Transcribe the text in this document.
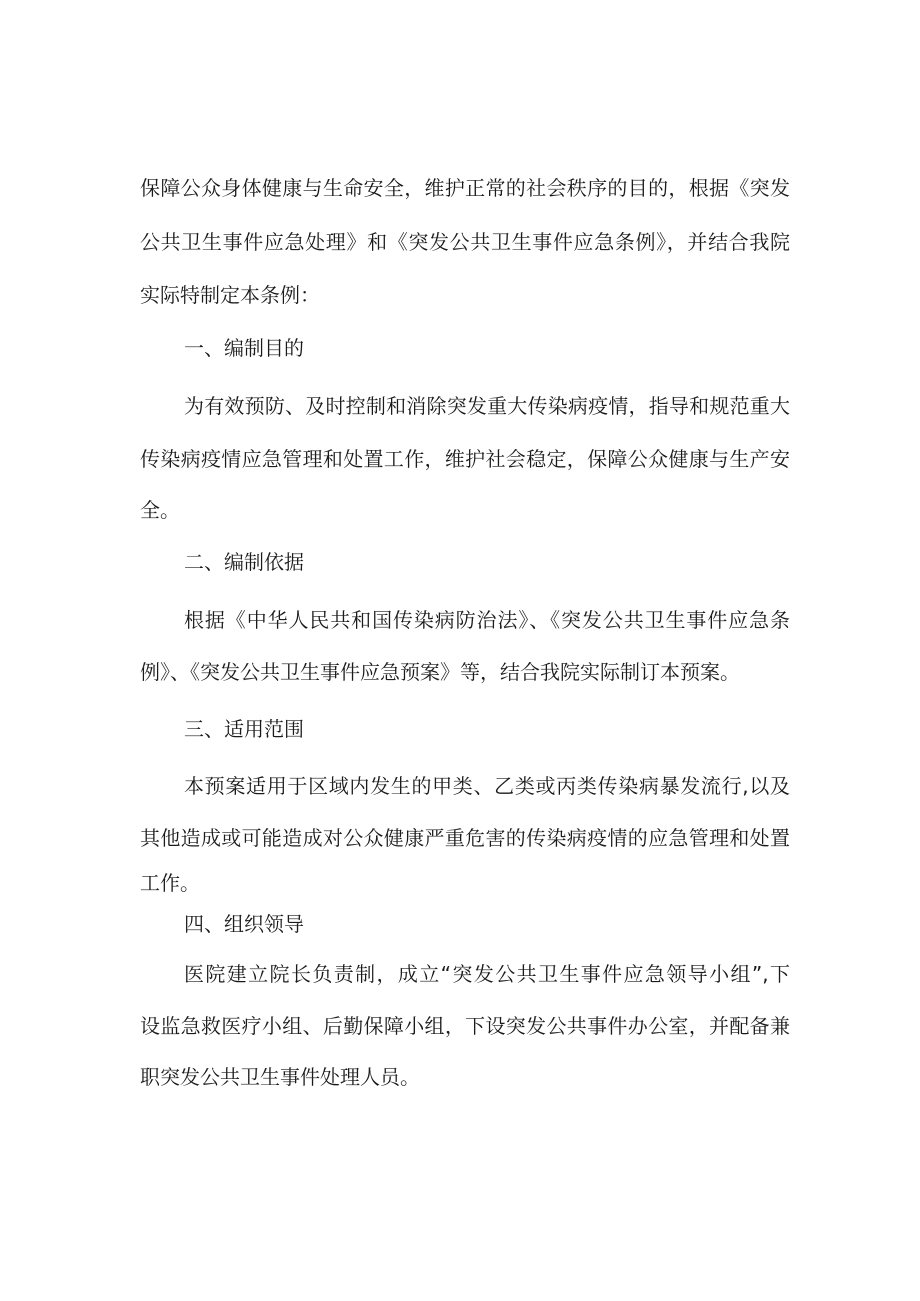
保障公众身体健康与生命安全，维护正常的社会秩序的目的，根据《突发
公共卫生事件应急处理》和《突发公共卫生事件应急条例》，并结合我院
实际特制定本条例：
一、编制目的
为有效预防、及时控制和消除突发重大传染病疫情，指导和规范重大
传染病疫情应急管理和处置工作，维护社会稳定，保障公众健康与生产安
全。
二、编制依据
根据《中华人民共和国传染病防治法》、《突发公共卫生事件应急条
例》、《突发公共卫生事件应急预案》等，结合我院实际制订本预案。
三、适用范围
本预案适用于区域内发生的甲类、乙类或丙类传染病暴发流行,以及
其他造成或可能造成对公众健康严重危害的传染病疫情的应急管理和处置
工作。
四、组织领导
医院建立院长负责制，成立“突发公共卫生事件应急领导小组”,下
设监急救医疗小组、后勤保障小组，下设突发公共事件办公室，并配备兼
职突发公共卫生事件处理人员。
